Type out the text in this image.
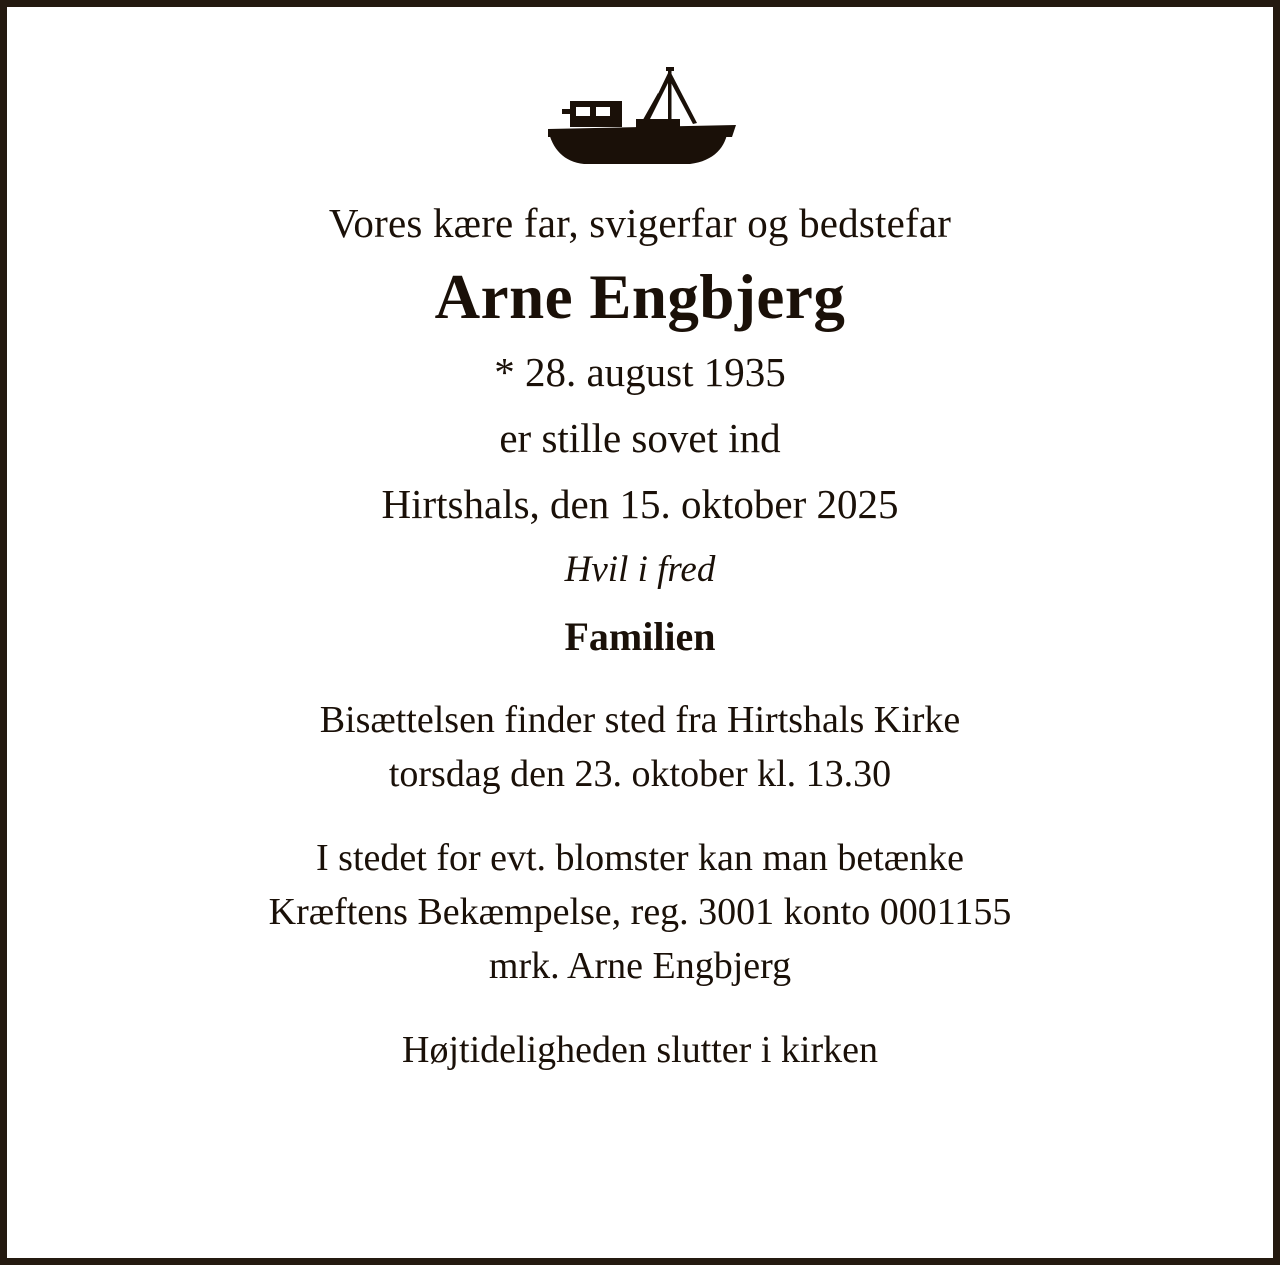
Vores kære far, svigerfar og bedstefar
Arne Engbjerg
* 28. august 1935
er stille sovet ind
Hirtshals, den 15. oktober 2025
Hvil i fred
Familien
Bisættelsen finder sted fra Hirtshals Kirke
torsdag den 23. oktober kl. 13.30
I stedet for evt. blomster kan man betænke
Kræftens Bekæmpelse, reg. 3001 konto 0001155
mrk. Arne Engbjerg
Højtideligheden slutter i kirken
